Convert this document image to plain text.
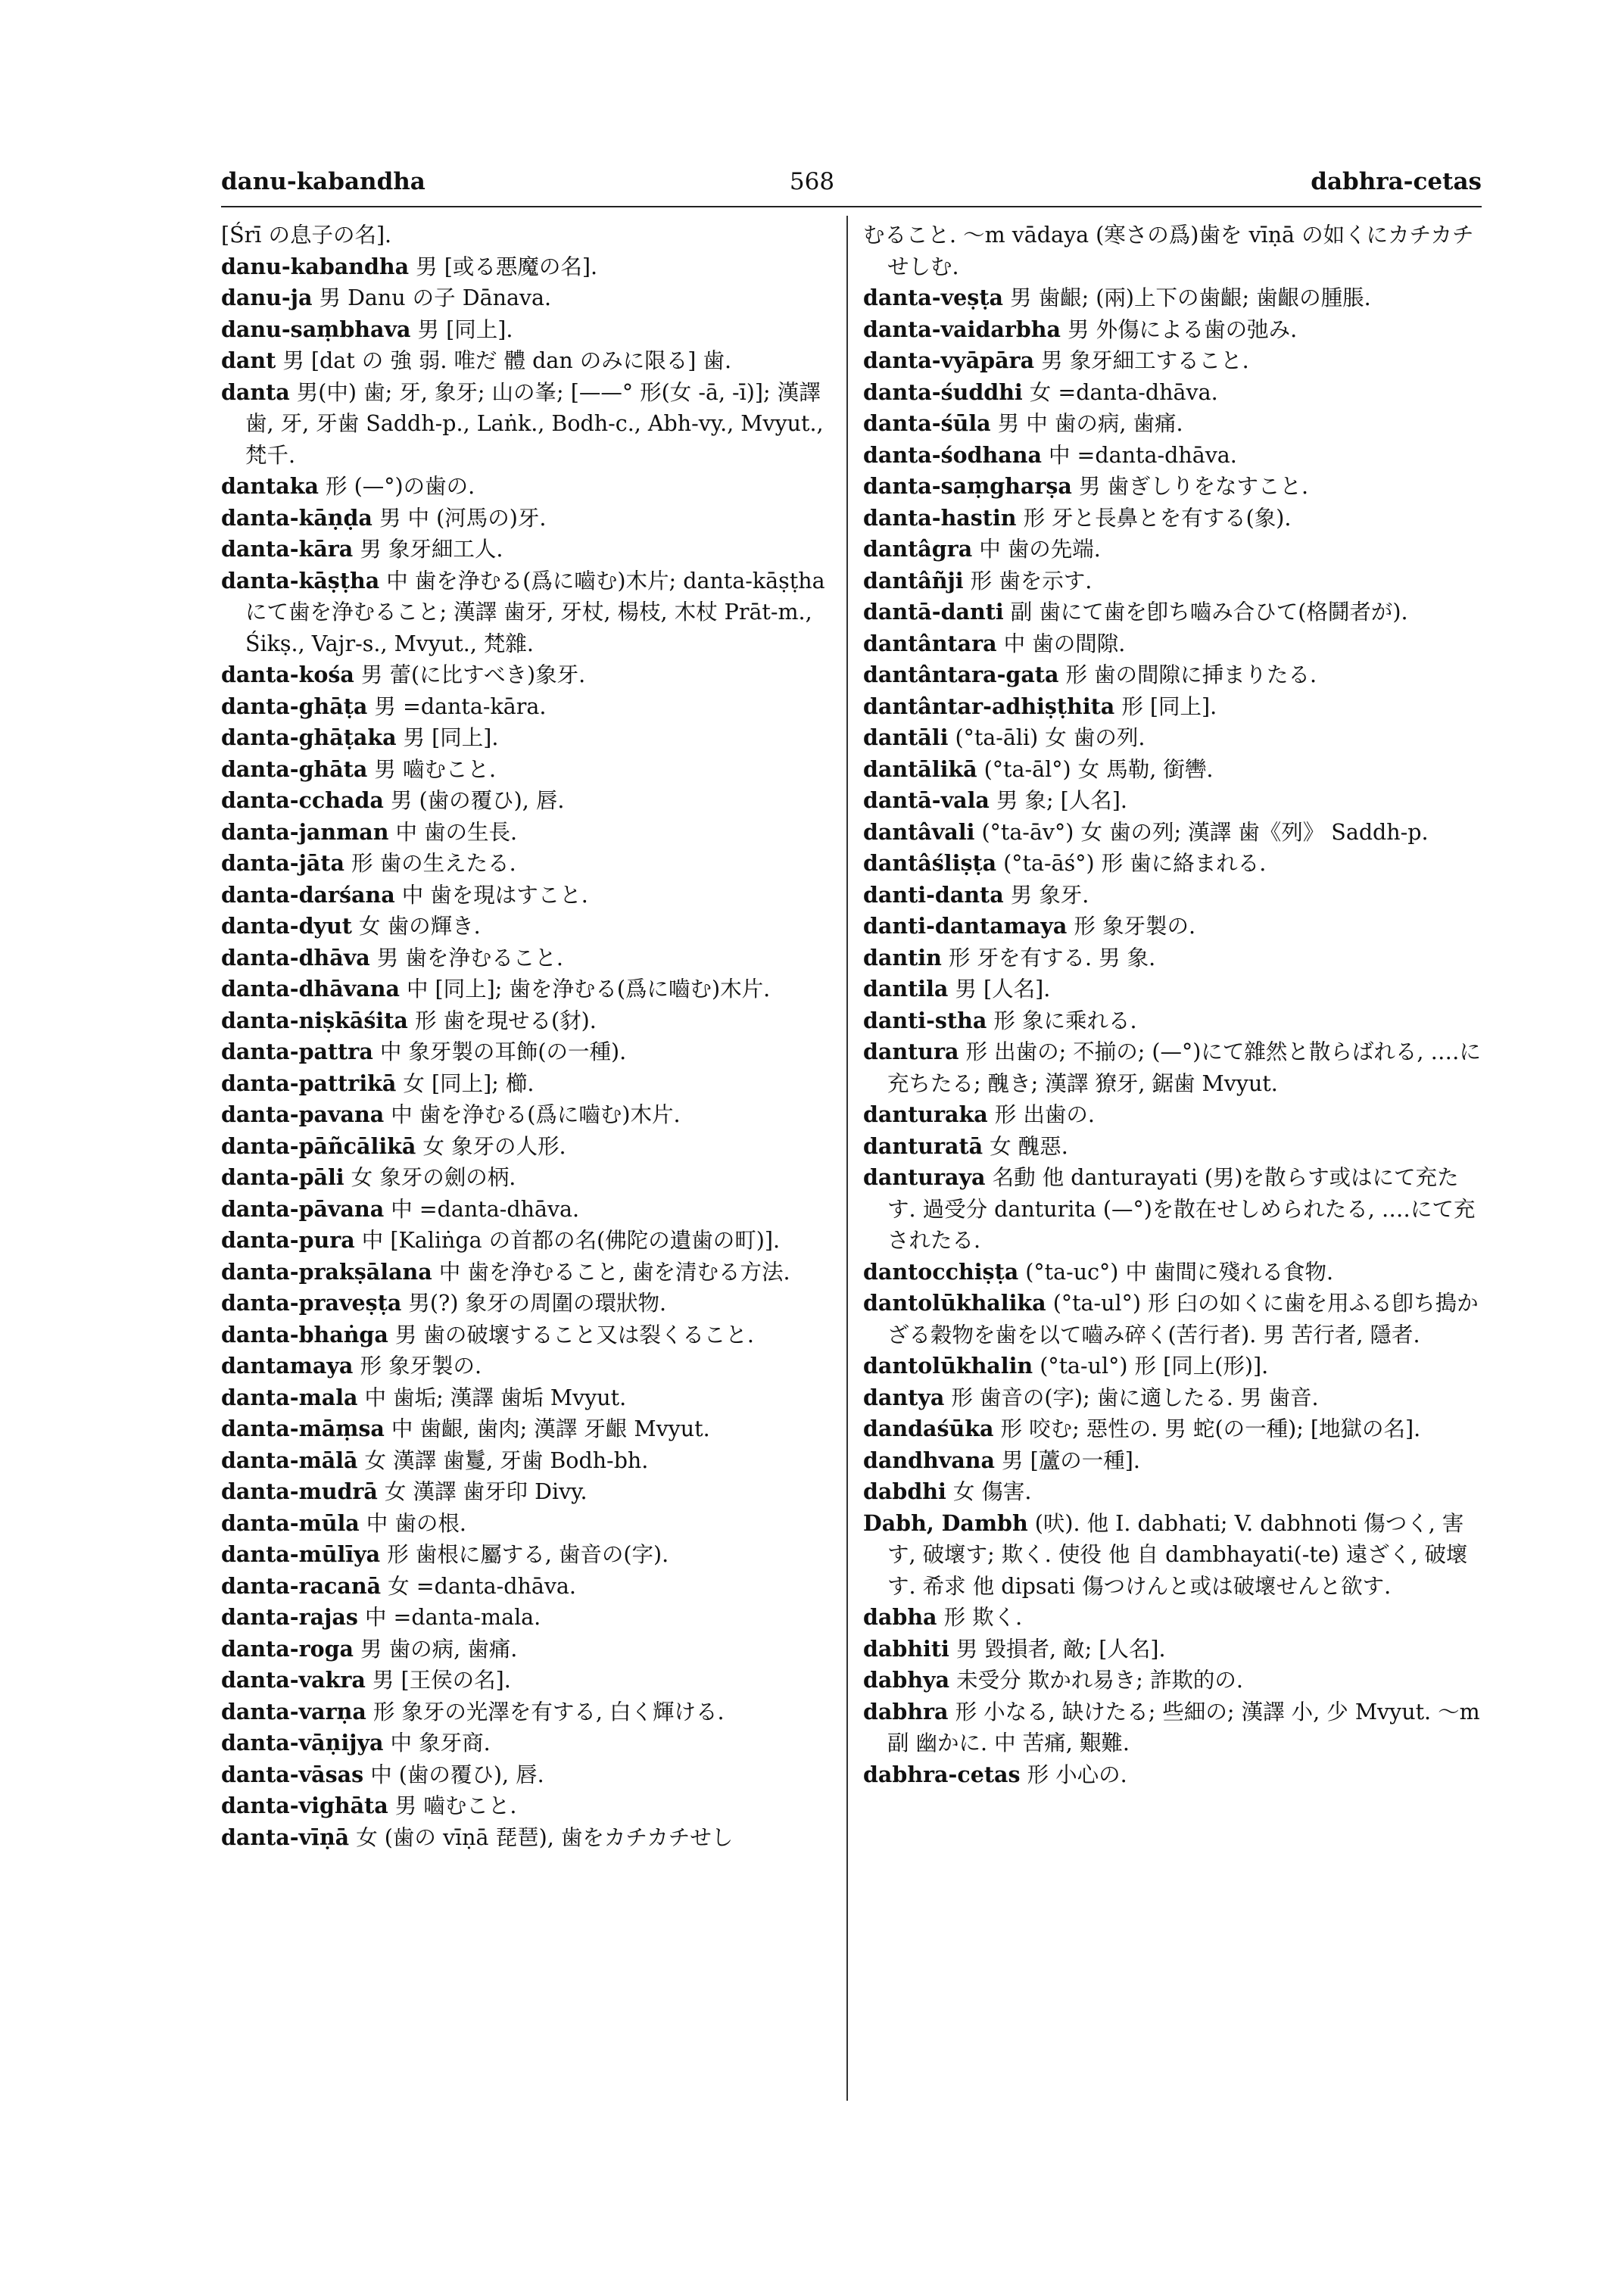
danu-kabandha	568	dabhra-cetas

[Śrī の息子の名].

danu-kabandha 男 [或る悪魔の名].

danu-ja 男 Danu の子 Dānava.

danu-saṃbhava 男 [同上].

dant 男 [dat の 強 弱. 唯だ 體 dan のみに限る] 歯.

danta 男(中) 歯; 牙, 象牙; 山の峯; [——° 形(女 -ā, -ī)]; 漢譯 歯, 牙, 牙歯 Saddh-p., Laṅk., Bodh-c., Abh-vy., Mvyut., 梵千.

dantaka 形 (—°)の歯の.

danta-kāṇḍa 男 中 (河馬の)牙.

danta-kāra 男 象牙細工人.

danta-kāṣṭha 中 歯を浄むる(爲に嚙む)木片; danta-kāṣṭha にて歯を浄むること; 漢譯 歯牙, 牙杖, 楊枝, 木杖 Prāt-m., Śikṣ., Vajr-s., Mvyut., 梵雜.

danta-kośa 男 蕾(に比すべき)象牙.

danta-ghāṭa 男 =danta-kāra.

danta-ghāṭaka 男 [同上].

danta-ghāta 男 嚙むこと.

danta-cchada 男 (歯の覆ひ), 唇.

danta-janman 中 歯の生長.

danta-jāta 形 歯の生えたる.

danta-darśana 中 歯を現はすこと.

danta-dyut 女 歯の輝き.

danta-dhāva 男 歯を浄むること.

danta-dhāvana 中 [同上]; 歯を浄むる(爲に嚙む)木片.

danta-niṣkāśita 形 歯を現せる(豺).

danta-pattra 中 象牙製の耳飾(の一種).

danta-pattrikā 女 [同上]; 櫛.

danta-pavana 中 歯を浄むる(爲に嚙む)木片.

danta-pāñcālikā 女 象牙の人形.

danta-pāli 女 象牙の劍の柄.

danta-pāvana 中 =danta-dhāva.

danta-pura 中 [Kaliṅga の首都の名(佛陀の遺歯の町)].

danta-prakṣālana 中 歯を浄むること, 歯を清むる方法.

danta-praveṣṭa 男(?) 象牙の周圍の環狀物.

danta-bhaṅga 男 歯の破壞すること又は裂くること.

dantamaya 形 象牙製の.

danta-mala 中 歯垢; 漢譯 歯垢 Mvyut.

danta-māṃsa 中 歯齦, 歯肉; 漢譯 牙齦 Mvyut.

danta-mālā 女 漢譯 歯鬘, 牙歯 Bodh-bh.

danta-mudrā 女 漢譯 歯牙印 Divy.

danta-mūla 中 歯の根.

danta-mūlīya 形 歯根に屬する, 歯音の(字).

danta-racanā 女 =danta-dhāva.

danta-rajas 中 =danta-mala.

danta-roga 男 歯の病, 歯痛.

danta-vakra 男 [王侯の名].

danta-varṇa 形 象牙の光澤を有する, 白く輝ける.

danta-vāṇijya 中 象牙商.

danta-vāsas 中 (歯の覆ひ), 唇.

danta-vighāta 男 嚙むこと.

danta-vīṇā 女 (歯の vīṇā 琵琶), 歯をカチカチせし

むること. ～m vādaya (寒さの爲)歯を vīṇā の如くにカチカチせしむ.

danta-veṣṭa 男 歯齦; (兩)上下の歯齦; 歯齦の腫脹.

danta-vaidarbha 男 外傷による歯の弛み.

danta-vyāpāra 男 象牙細工すること.

danta-śuddhi 女 =danta-dhāva.

danta-śūla 男 中 歯の病, 歯痛.

danta-śodhana 中 =danta-dhāva.

danta-saṃgharṣa 男 歯ぎしりをなすこと.

danta-hastin 形 牙と長鼻とを有する(象).

dantâgra 中 歯の先端.

dantâñji 形 歯を示す.

dantā-danti 副 歯にて歯を卽ち嚙み合ひて(格鬪者が).

dantântara 中 歯の間隙.

dantântara-gata 形 歯の間隙に挿まりたる.

dantântar-adhiṣṭhita 形 [同上].

dantāli (°ta-āli) 女 歯の列.

dantālikā (°ta-āl°) 女 馬勒, 銜轡.

dantā-vala 男 象; [人名].

dantâvali (°ta-āv°) 女 歯の列; 漢譯 歯《列》 Saddh-p.

dantâśliṣṭa (°ta-āś°) 形 歯に絡まれる.

danti-danta 男 象牙.

danti-dantamaya 形 象牙製の.

dantin 形 牙を有する. 男 象.

dantila 男 [人名].

danti-stha 形 象に乘れる.

dantura 形 出歯の; 不揃の; (—°)にて雜然と散らばれる, ‥‥に充ちたる; 醜き; 漢譯 獠牙, 鋸歯 Mvyut.

danturaka 形 出歯の.

danturatā 女 醜惡.

danturaya 名動 他 danturayati (男)を散らす或はにて充たす. 過受分 danturita (—°)を散在せしめられたる, ‥‥にて充されたる.

dantocchiṣṭa (°ta-uc°) 中 歯間に殘れる食物.

dantolūkhalika (°ta-ul°) 形 臼の如くに歯を用ふる卽ち搗かざる穀物を歯を以て嚙み碎く(苦行者). 男 苦行者, 隱者.

dantolūkhalin (°ta-ul°) 形 [同上(形)].

dantya 形 歯音の(字); 歯に適したる. 男 歯音.

dandaśūka 形 咬む; 惡性の. 男 蛇(の一種); [地獄の名].

dandhvana 男 [蘆の一種].

dabdhi 女 傷害.

Dabh, Dambh (吠). 他 I. dabhati; V. dabhnoti 傷つく, 害す, 破壞す; 欺く. 使役 他 自 dambhayati(-te) 遠ざく, 破壞す. 希求 他 dipsati 傷つけんと或は破壞せんと欲す.

dabha 形 欺く.

dabhiti 男 毀損者, 敵; [人名].

dabhya 未受分 欺かれ易き; 詐欺的の.

dabhra 形 小なる, 缺けたる; 些細の; 漢譯 小, 少 Mvyut. ～m 副 幽かに. 中 苦痛, 艱難.

dabhra-cetas 形 小心の.
